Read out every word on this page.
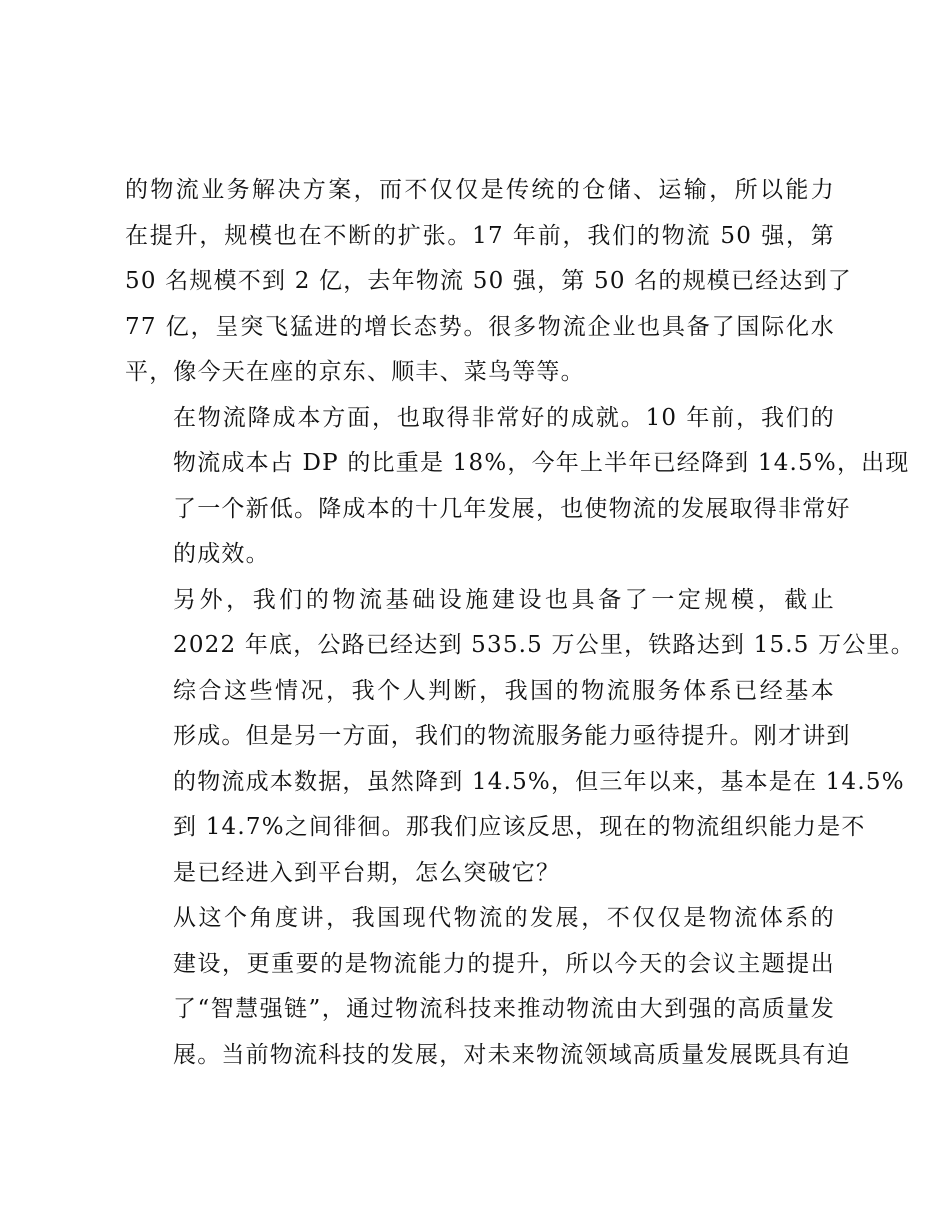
的物流业务解决方案，而不仅仅是传统的仓储、运输，所以能力
在提升，规模也在不断的扩张。17 年前，我们的物流 50 强，第
50 名规模不到 2 亿，去年物流 50 强，第 50 名的规模已经达到了
77 亿，呈突飞猛进的增长态势。很多物流企业也具备了国际化水
平，像今天在座的京东、顺丰、菜鸟等等。

在物流降成本方面，也取得非常好的成就。10 年前，我们的
物流成本占 DP 的比重是 18%，今年上半年已经降到 14.5%，出现
了一个新低。降成本的十几年发展，也使物流的发展取得非常好
的成效。

另外，我们的物流基础设施建设也具备了一定规模，截止
2022 年底，公路已经达到 535.5 万公里，铁路达到 15.5 万公里。

综合这些情况，我个人判断，我国的物流服务体系已经基本
形成。但是另一方面，我们的物流服务能力亟待提升。刚才讲到
的物流成本数据，虽然降到 14.5%，但三年以来，基本是在 14.5%
到 14.7%之间徘徊。那我们应该反思，现在的物流组织能力是不
是已经进入到平台期，怎么突破它？

从这个角度讲，我国现代物流的发展，不仅仅是物流体系的
建设，更重要的是物流能力的提升，所以今天的会议主题提出
了“智慧强链”，通过物流科技来推动物流由大到强的高质量发
展。当前物流科技的发展，对未来物流领域高质量发展既具有迫
